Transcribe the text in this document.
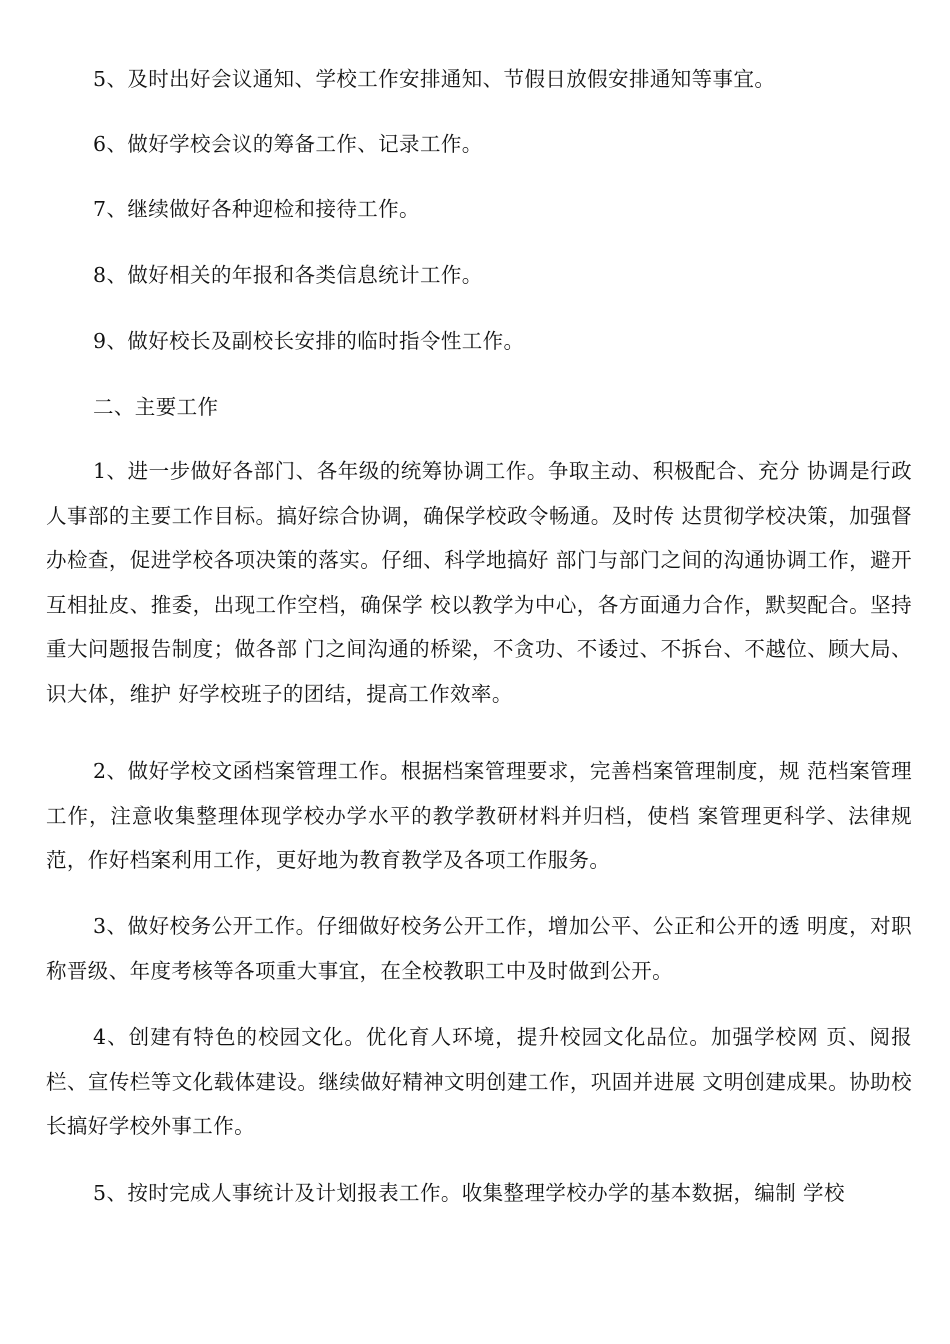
5、及时出好会议通知、学校工作安排通知、节假日放假安排通知等事宜。
6、做好学校会议的筹备工作、记录工作。
7、继续做好各种迎检和接待工作。
8、做好相关的年报和各类信息统计工作。
9、做好校长及副校长安排的临时指令性工作。
二、主要工作

1、进一步做好各部门、各年级的统筹协调工作。争取主动、积极配合、充分 协调是行政人事部的主要工作目标。搞好综合协调，确保学校政令畅通。及时传 达贯彻学校决策，加强督办检查，促进学校各项决策的落实。仔细、科学地搞好 部门与部门之间的沟通协调工作，避开互相扯皮、推委，出现工作空档，确保学 校以教学为中心，各方面通力合作，默契配合。坚持重大问题报告制度；做各部 门之间沟通的桥梁，不贪功、不诿过、不拆台、不越位、顾大局、识大体，维护 好学校班子的团结，提高工作效率。

2、做好学校文函档案管理工作。根据档案管理要求，完善档案管理制度，规 范档案管理工作，注意收集整理体现学校办学水平的教学教研材料并归档，使档 案管理更科学、法律规范，作好档案利用工作，更好地为教育教学及各项工作服务。

3、做好校务公开工作。仔细做好校务公开工作，增加公平、公正和公开的透 明度，对职称晋级、年度考核等各项重大事宜，在全校教职工中及时做到公开。

4、创建有特色的校园文化。优化育人环境，提升校园文化品位。加强学校网 页、阅报栏、宣传栏等文化载体建设。继续做好精神文明创建工作，巩固并进展 文明创建成果。协助校长搞好学校外事工作。

5、按时完成人事统计及计划报表工作。收集整理学校办学的基本数据，编制 学校
